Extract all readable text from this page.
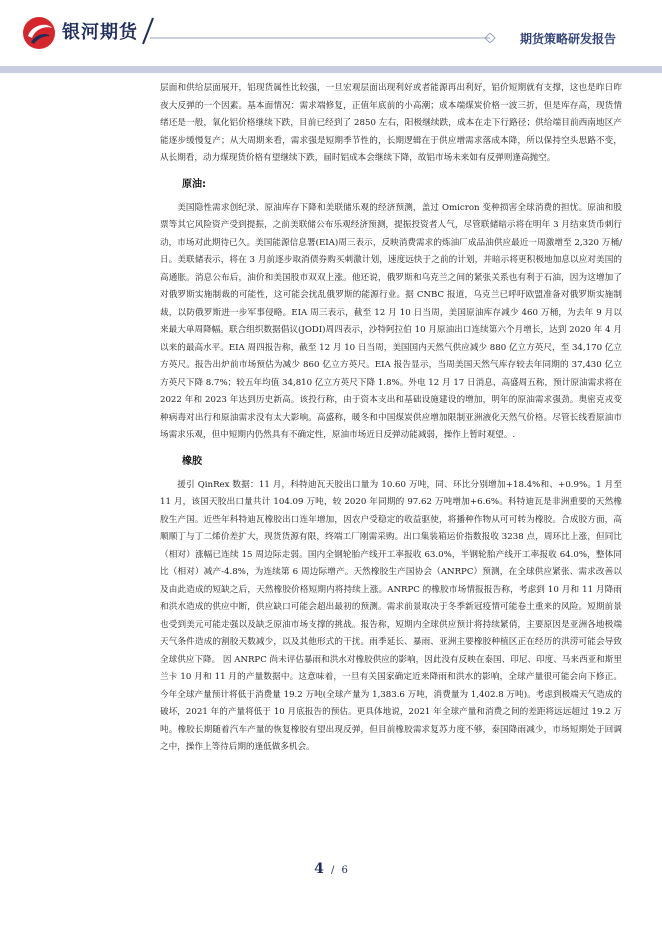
银河期货	期货策略研发报告

层面和供给层面展开，铝现货属性比较强，一旦宏观层面出现利好或者能源再出利好，铝价短期就有支撑，这也是昨日昨夜大反弹的一个因素。基本面情况：需求端修复，正值年底前的小高潮；成本端煤炭价格一波三折，但是库存高，现货情绪还是一般，氧化铝价格继续下跌，目前已经到了 2850 左右，阳极继续跌，成本在走下行路径；供给端目前西南地区产能逐步缓慢复产；从大周期来看，需求强是短期季节性的，长期逻辑在于供应增需求落成本降，所以保持空头思路不变，从长期看，动力煤现货价格有望继续下跌，届时铝成本会继续下降，故铝市场未来如有反弹则逢高抛空。

原油:

美国隐性需求创纪录、原油库存下降和美联储乐观的经济预测，盖过 Omicron 变种损害全球消费的担忧。原油和股票等其它风险资产受到提振，之前美联储公布乐观经济预测，提振投资者人气，尽管联储暗示将在明年 3 月结束货币刺行动，市场对此期待已久。美国能源信息署(EIA)周三表示，反映消费需求的炼油厂成品油供应最近一周激增至 2,320 万桶/日。美联储表示，将在 3 月前逐步取消债券购买刺激计划，速度远快于之前的计划，并暗示将更积极地加息以应对美国的高通胀。消息公布后，油价和美国股市双双上涨。他还说，俄罗斯和乌克兰之间的紧张关系也有利于石油，因为这增加了对俄罗斯实施制裁的可能性，这可能会扰乱俄罗斯的能源行业。据 CNBC 报道，乌克兰已呼吁欧盟准备对俄罗斯实施制裁，以防俄罗斯进一步军事侵略。EIA 周三表示，截至 12 月 10 日当周，美国原油库存减少 460 万桶，为去年 9 月以来最大单周降幅。联合组织数据倡议(JODI)周四表示，沙特阿拉伯 10 月原油出口连续第六个月增长，达到 2020 年 4 月以来的最高水平。EIA 周四报告称，截至 12 月 10 日当周，美国国内天然气供应减少 880 亿立方英尺，至 34,170 亿立方英尺。报告出炉前市场预估为减少 860 亿立方英尺。EIA 报告显示，当周美国天然气库存较去年同期的 37,430 亿立方英尺下降 8.7%；较五年均值 34,810 亿立方英尺下降 1.8%。外电 12 月 17 日消息，高盛周五称，预计原油需求将在 2022 年和 2023 年达到历史新高。该投行称，由于资本支出和基础设施建设的增加，明年的原油需求强劲。奥密克戎变种病毒对出行和原油需求没有太大影响。高盛称，暖冬和中国煤炭供应增加限制亚洲液化天然气价格。尽管长线看原油市场需求乐观，但中短期内仍然具有不确定性，原油市场近日反弹动能减弱，操作上暂时观望。.

橡胶

援引 QinRex 数据：11 月，科特迪瓦天胶出口量为 10.60 万吨，同、环比分别增加+18.4%和、+0.9%。1 月至 11 月，该国天胶出口量共计 104.09 万吨，较 2020 年同期的 97.62 万吨增加+6.6%。科特迪瓦是非洲重要的天然橡胶生产国。近些年科特迪瓦橡胶出口连年增加，因农户受稳定的收益驱使，将播种作物从可可转为橡胶。合成胶方面，高顺顺丁与丁二烯价差扩大，现货货源有限，终端工厂刚需采购。出口集装箱运价指数报收 3238 点，周环比上涨，但同比（相对）涨幅已连续 15 周边际走弱。国内全钢轮胎产线开工率报收 63.0%，半钢轮胎产线开工率报收 64.0%，整体同比（相对）减产-4.8%，为连续第 6 周边际增产。天然橡胶生产国协会（ANRPC）预测，在全球供应紧张、需求改善以及由此造成的短缺之后，天然橡胶价格短期内将持续上涨。ANRPC 的橡胶市场情报报告称，考虑到 10 月和 11 月降雨和洪水造成的供应中断，供应缺口可能会超出最初的预测。需求前景取决于冬季新冠疫情可能卷土重来的风险。短期前景也受到美元可能走强以及缺乏原油市场支撑的挑战。报告称，短期内全球供应预计将持续紧俏，主要原因是亚洲各地极端天气条件造成的割胶天数减少，以及其他形式的干扰。雨季延长、暴雨、亚洲主要橡胶种植区正在经历的洪涝可能会导致全球供应下降。 因 ANRPC 尚未评估暴雨和洪水对橡胶供应的影响，因此没有反映在泰国、印尼、印度、马来西亚和斯里兰卡 10 月和 11 月的产量数据中。这意味着，一旦有关国家确定近来降雨和洪水的影响，全球产量很可能会向下修正。今年全球产量预计将低于消费量 19.2 万吨(全球产量为 1,383.6 万吨，消费量为 1,402.8 万吨)。考虑到极端天气造成的破坏，2021 年的产量将低于 10 月底报告的预估。更具体地说，2021 年全球产量和消费之间的差距将远远超过 19.2 万吨。橡胶长期随着汽车产量的恢复橡胶有望出现反弹，但目前橡胶需求复苏力度不够，泰国降雨减少，市场短期处于回调之中，操作上等待后期的逢低做多机会。

4 / 6
